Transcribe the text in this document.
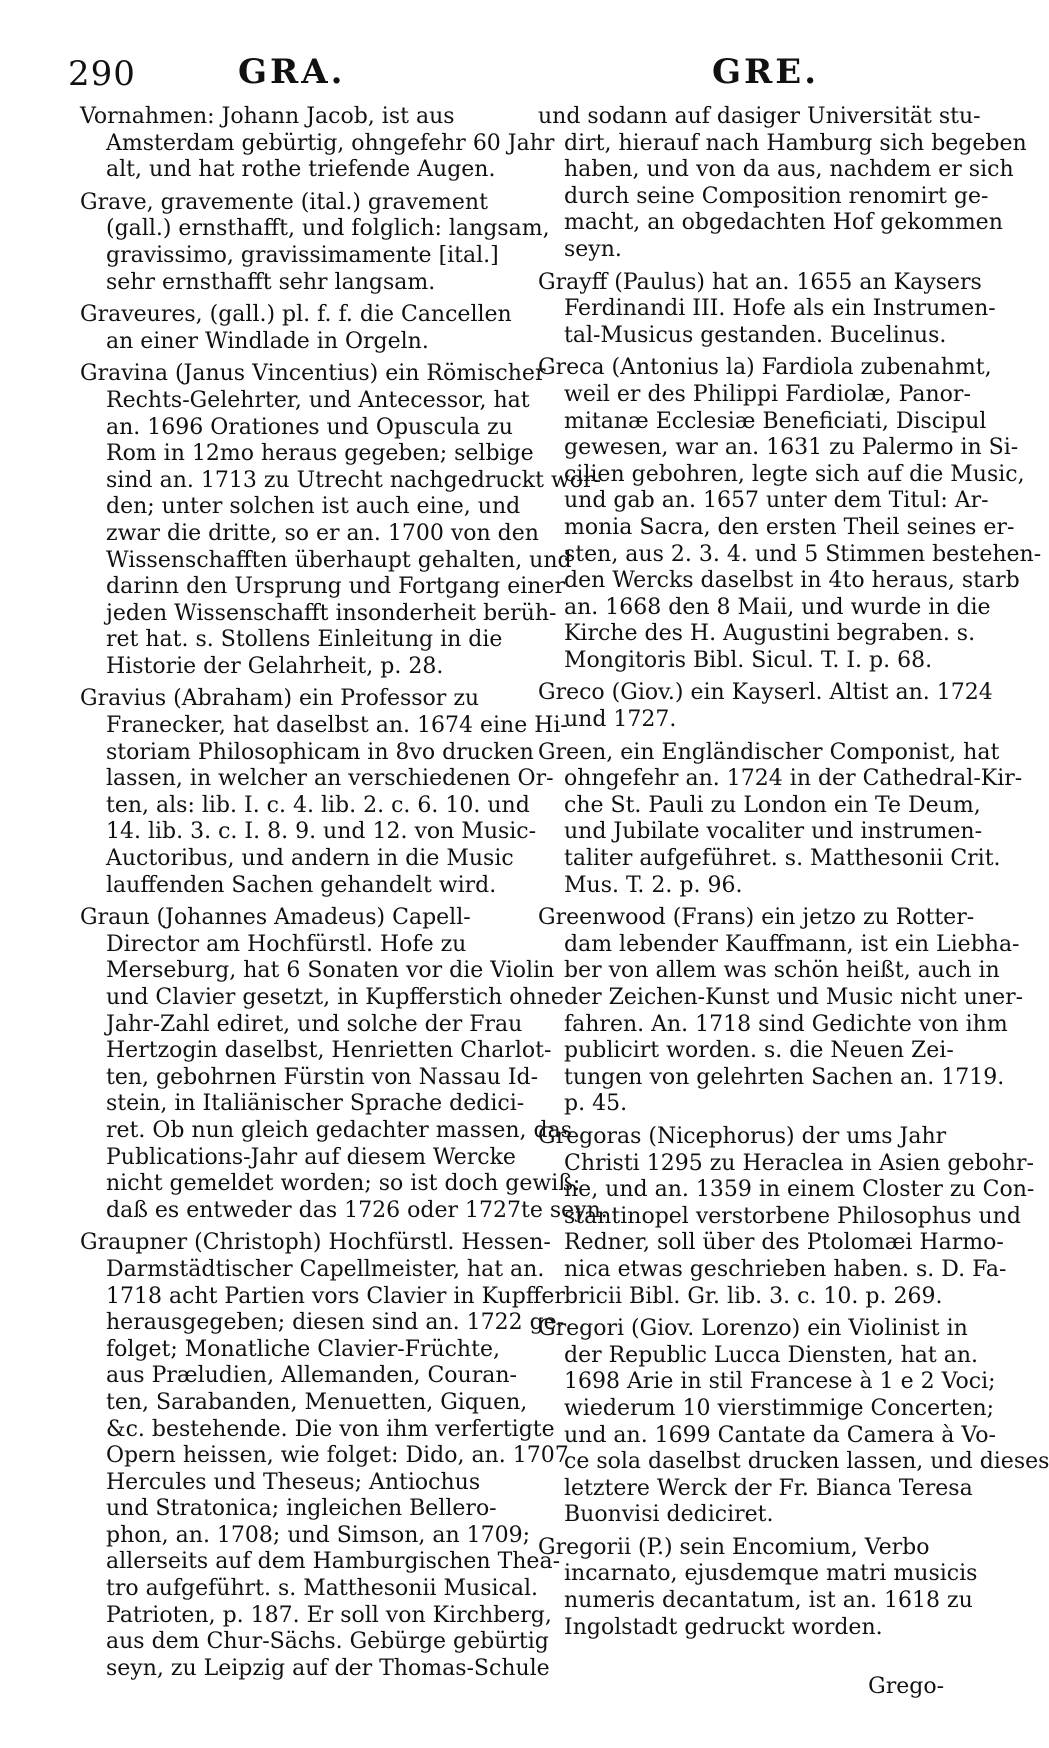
290	GRA.	GRE.
Vornahmen: Johann Jacob, ist aus
Amsterdam gebürtig, ohngefehr 60 Jahr
alt, und hat rothe triefende Augen.
Grave, gravemente (ital.) gravement
(gall.) ernsthafft, und folglich: langsam,
gravissimo, gravissimamente [ital.]
sehr ernsthafft sehr langsam.
Graveures, (gall.) pl. f. f. die Cancellen
an einer Windlade in Orgeln.
Gravina (Janus Vincentius) ein Römischer
Rechts-Gelehrter, und Antecessor, hat
an. 1696 Orationes und Opuscula zu
Rom in 12mo heraus gegeben; selbige
sind an. 1713 zu Utrecht nachgedruckt wor-
den; unter solchen ist auch eine, und
zwar die dritte, so er an. 1700 von den
Wissenschafften überhaupt gehalten, und
darinn den Ursprung und Fortgang einer
jeden Wissenschafft insonderheit berüh-
ret hat. s. Stollens Einleitung in die
Historie der Gelahrheit, p. 28.
Gravius (Abraham) ein Professor zu
Franecker, hat daselbst an. 1674 eine Hi-
storiam Philosophicam in 8vo drucken
lassen, in welcher an verschiedenen Or-
ten, als: lib. I. c. 4. lib. 2. c. 6. 10. und
14. lib. 3. c. I. 8. 9. und 12. von Music-
Auctoribus, und andern in die Music
lauffenden Sachen gehandelt wird.
Graun (Johannes Amadeus) Capell-
Director am Hochfürstl. Hofe zu
Merseburg, hat 6 Sonaten vor die Violin
und Clavier gesetzt, in Kupfferstich ohne
Jahr-Zahl ediret, und solche der Frau
Hertzogin daselbst, Henrietten Charlot-
ten, gebohrnen Fürstin von Nassau Id-
stein, in Italiänischer Sprache dedici-
ret. Ob nun gleich gedachter massen, das
Publications-Jahr auf diesem Wercke
nicht gemeldet worden; so ist doch gewiß:
daß es entweder das 1726 oder 1727te seyn.
Graupner (Christoph) Hochfürstl. Hessen-
Darmstädtischer Capellmeister, hat an.
1718 acht Partien vors Clavier in Kupffer
herausgegeben; diesen sind an. 1722 ge-
folget; Monatliche Clavier-Früchte,
aus Præludien, Allemanden, Couran-
ten, Sarabanden, Menuetten, Giquen,
&c. bestehende. Die von ihm verfertigte
Opern heissen, wie folget: Dido, an. 1707
Hercules und Theseus; Antiochus
und Stratonica; ingleichen Bellero-
phon, an. 1708; und Simson, an 1709;
allerseits auf dem Hamburgischen Thea-
tro aufgeführt. s. Matthesonii Musical.
Patrioten, p. 187. Er soll von Kirchberg,
aus dem Chur-Sächs. Gebürge gebürtig
seyn, zu Leipzig auf der Thomas-Schule
und sodann auf dasiger Universität stu-
dirt, hierauf nach Hamburg sich begeben
haben, und von da aus, nachdem er sich
durch seine Composition renomirt ge-
macht, an obgedachten Hof gekommen
seyn.
Grayff (Paulus) hat an. 1655 an Kaysers
Ferdinandi III. Hofe als ein Instrumen-
tal-Musicus gestanden. Bucelinus.
Greca (Antonius la) Fardiola zubenahmt,
weil er des Philippi Fardiolæ, Panor-
mitanæ Ecclesiæ Beneficiati, Discipul
gewesen, war an. 1631 zu Palermo in Si-
cilien gebohren, legte sich auf die Music,
und gab an. 1657 unter dem Titul: Ar-
monia Sacra, den ersten Theil seines er-
sten, aus 2. 3. 4. und 5 Stimmen bestehen-
den Wercks daselbst in 4to heraus, starb
an. 1668 den 8 Maii, und wurde in die
Kirche des H. Augustini begraben. s.
Mongitoris Bibl. Sicul. T. I. p. 68.
Greco (Giov.) ein Kayserl. Altist an. 1724
und 1727.
Green, ein Engländischer Componist, hat
ohngefehr an. 1724 in der Cathedral-Kir-
che St. Pauli zu London ein Te Deum,
und Jubilate vocaliter und instrumen-
taliter aufgeführet. s. Matthesonii Crit.
Mus. T. 2. p. 96.
Greenwood (Frans) ein jetzo zu Rotter-
dam lebender Kauffmann, ist ein Liebha-
ber von allem was schön heißt, auch in
der Zeichen-Kunst und Music nicht uner-
fahren. An. 1718 sind Gedichte von ihm
publicirt worden. s. die Neuen Zei-
tungen von gelehrten Sachen an. 1719.
p. 45.
Gregoras (Nicephorus) der ums Jahr
Christi 1295 zu Heraclea in Asien gebohr-
ne, und an. 1359 in einem Closter zu Con-
stantinopel verstorbene Philosophus und
Redner, soll über des Ptolomæi Harmo-
nica etwas geschrieben haben. s. D. Fa-
bricii Bibl. Gr. lib. 3. c. 10. p. 269.
Gregori (Giov. Lorenzo) ein Violinist in
der Republic Lucca Diensten, hat an.
1698 Arie in stil Francese à 1 e 2 Voci;
wiederum 10 vierstimmige Concerten;
und an. 1699 Cantate da Camera à Vo-
ce sola daselbst drucken lassen, und dieses
letztere Werck der Fr. Bianca Teresa
Buonvisi dediciret.
Gregorii (P.) sein Encomium, Verbo
incarnato, ejusdemque matri musicis
numeris decantatum, ist an. 1618 zu
Ingolstadt gedruckt worden.
Grego-
